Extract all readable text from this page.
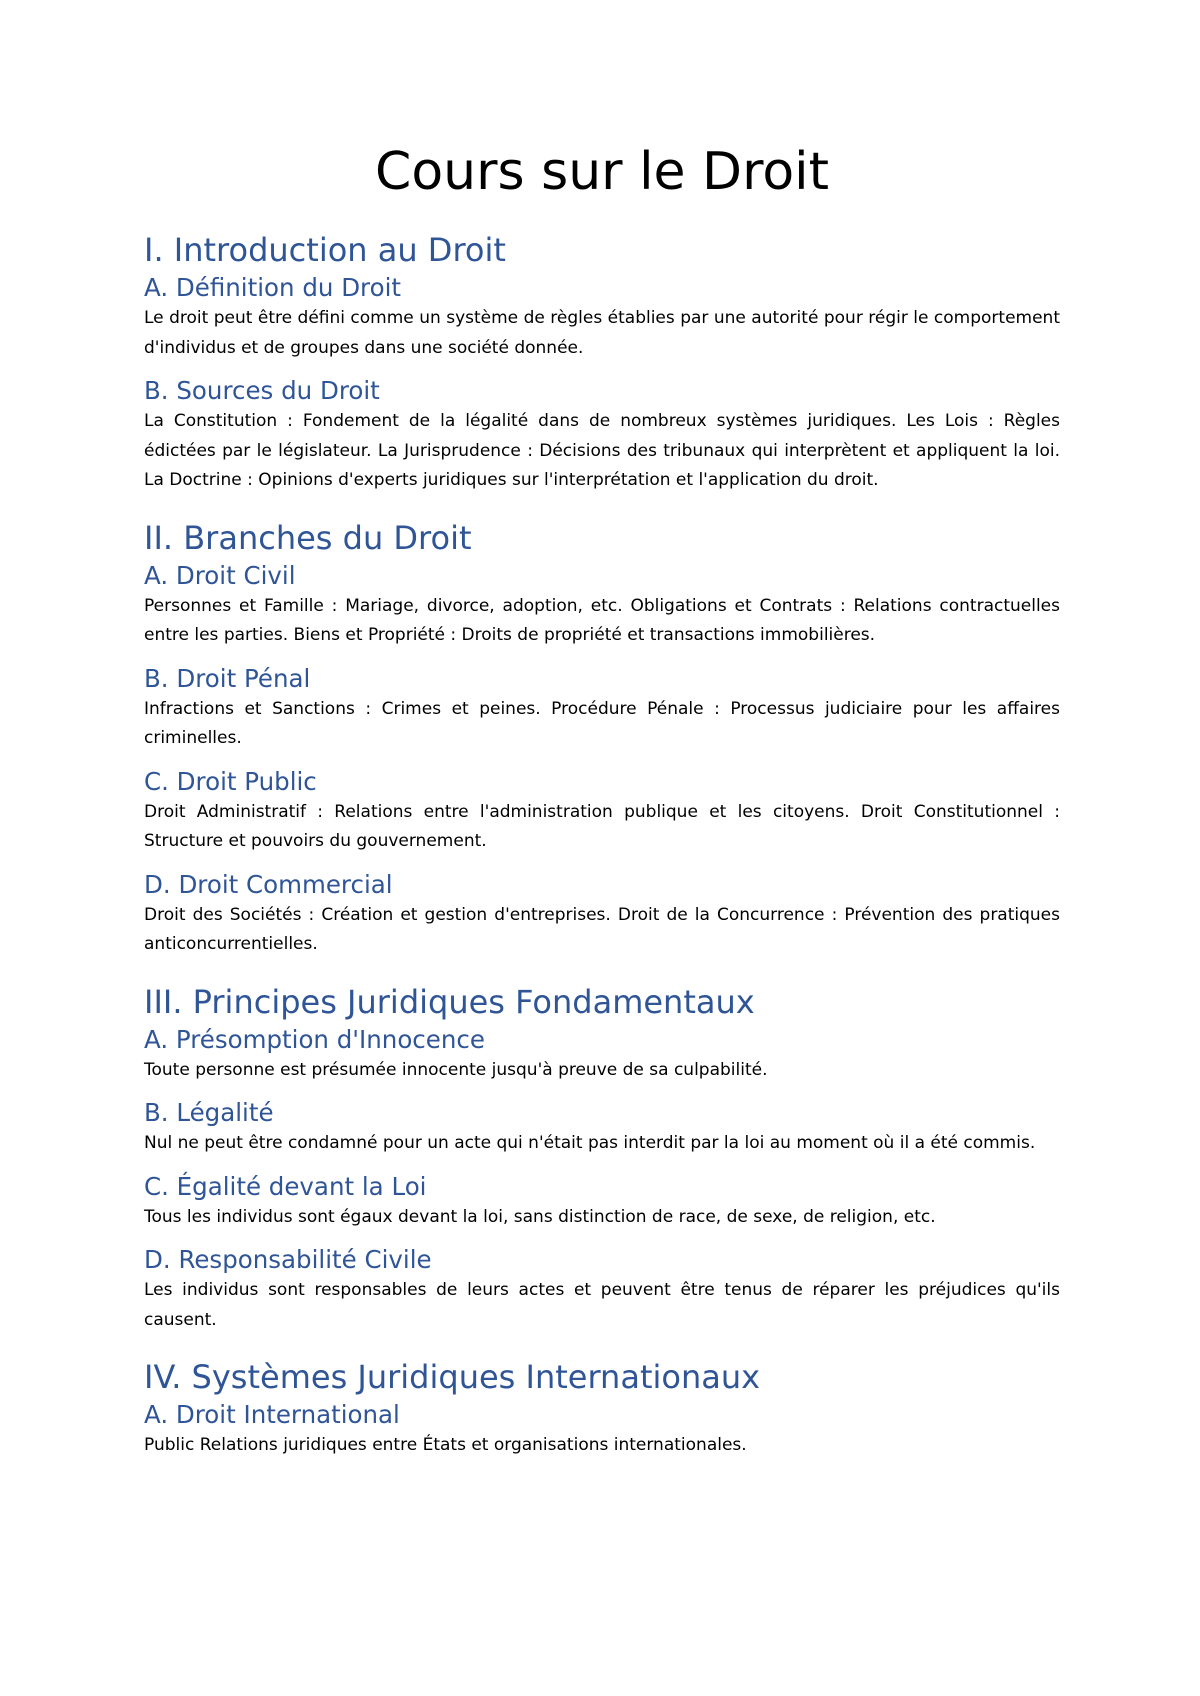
Cours sur le Droit
I. Introduction au Droit
A. Définition du Droit

Le droit peut être défini comme un système de règles établies par une autorité pour régir le comportement d'individus et de groupes dans une société donnée.

B. Sources du Droit

La Constitution : Fondement de la légalité dans de nombreux systèmes juridiques. Les Lois : Règles édictées par le législateur. La Jurisprudence : Décisions des tribunaux qui interprètent et appliquent la loi. La Doctrine : Opinions d'experts juridiques sur l'interprétation et l'application du droit.

II. Branches du Droit
A. Droit Civil

Personnes et Famille : Mariage, divorce, adoption, etc. Obligations et Contrats : Relations contractuelles entre les parties. Biens et Propriété : Droits de propriété et transactions immobilières.

B. Droit Pénal

Infractions et Sanctions : Crimes et peines. Procédure Pénale : Processus judiciaire pour les affaires criminelles.

C. Droit Public

Droit Administratif : Relations entre l'administration publique et les citoyens. Droit Constitutionnel : Structure et pouvoirs du gouvernement.

D. Droit Commercial

Droit des Sociétés : Création et gestion d'entreprises. Droit de la Concurrence : Prévention des pratiques anticoncurrentielles.

III. Principes Juridiques Fondamentaux
A. Présomption d'Innocence

Toute personne est présumée innocente jusqu'à preuve de sa culpabilité.

B. Légalité

Nul ne peut être condamné pour un acte qui n'était pas interdit par la loi au moment où il a été commis.

C. Égalité devant la Loi

Tous les individus sont égaux devant la loi, sans distinction de race, de sexe, de religion, etc.

D. Responsabilité Civile

Les individus sont responsables de leurs actes et peuvent être tenus de réparer les préjudices qu'ils causent.

IV. Systèmes Juridiques Internationaux
A. Droit International

Public Relations juridiques entre États et organisations internationales.
